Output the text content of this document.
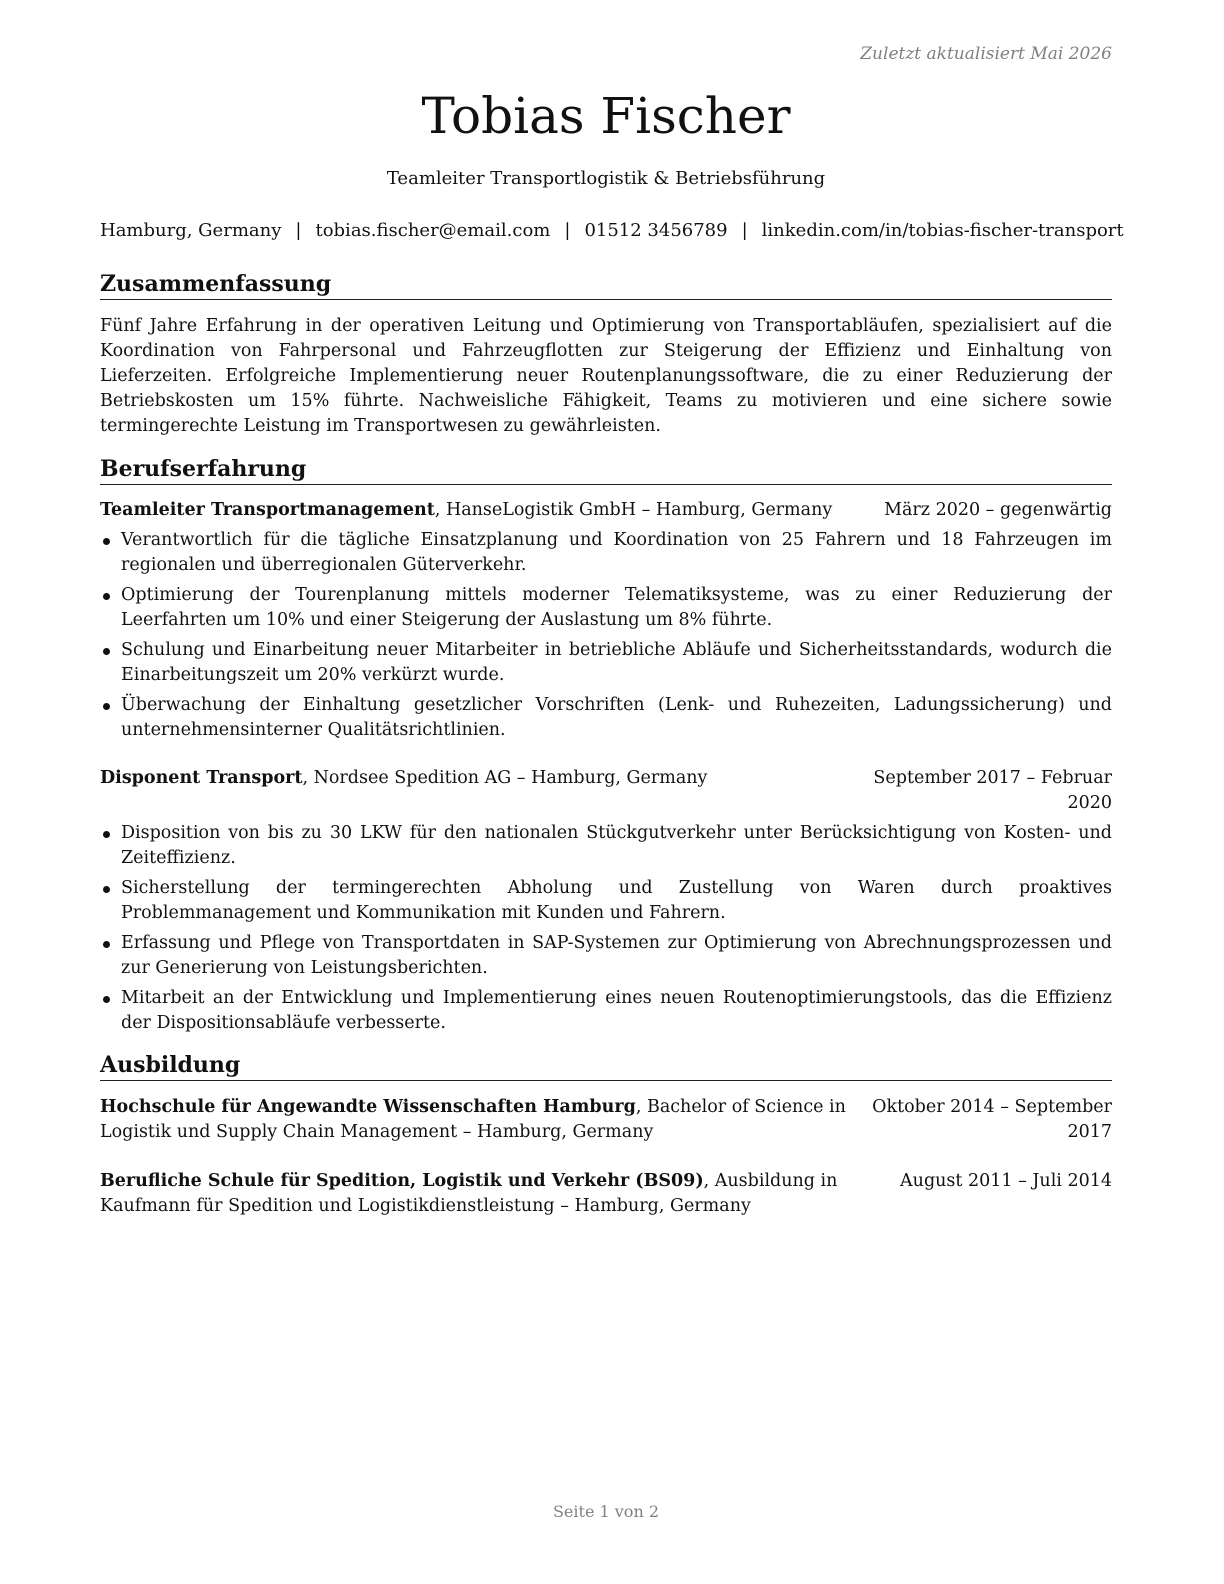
Zuletzt aktualisiert Mai 2026
Tobias Fischer
Teamleiter Transportlogistik & Betriebsführung
Hamburg, Germany | tobias.fischer@email.com | 01512 3456789 | linkedin.com/in/tobias-fischer-transport
Zusammenfassung
Fünf Jahre Erfahrung in der operativen Leitung und Optimierung von Transportabläufen, spezialisiert auf die Koordination von Fahrpersonal und Fahrzeugflotten zur Steigerung der Effizienz und Einhaltung von Lieferzeiten. Erfolgreiche Implementierung neuer Routenplanungssoftware, die zu einer Reduzierung der Betriebskosten um 15% führte. Nachweisliche Fähigkeit, Teams zu motivieren und eine sichere sowie termingerechte Leistung im Transportwesen zu gewährleisten.
Berufserfahrung
Teamleiter Transportmanagement, HanseLogistik GmbH – Hamburg, Germany	März 2020 – gegenwärtig
Verantwortlich für die tägliche Einsatzplanung und Koordination von 25 Fahrern und 18 Fahrzeugen im regionalen und überregionalen Güterverkehr.
Optimierung der Tourenplanung mittels moderner Telematiksysteme, was zu einer Reduzierung der Leerfahrten um 10% und einer Steigerung der Auslastung um 8% führte.
Schulung und Einarbeitung neuer Mitarbeiter in betriebliche Abläufe und Sicherheitsstandards, wodurch die Einarbeitungszeit um 20% verkürzt wurde.
Überwachung der Einhaltung gesetzlicher Vorschriften (Lenk- und Ruhezeiten, Ladungssicherung) und unternehmensinterner Qualitätsrichtlinien.
Disponent Transport, Nordsee Spedition AG – Hamburg, Germany	September 2017 – Februar 2020
Disposition von bis zu 30 LKW für den nationalen Stückgutverkehr unter Berücksichtigung von Kosten- und Zeiteffizienz.
Sicherstellung der termingerechten Abholung und Zustellung von Waren durch proaktives Problemmanagement und Kommunikation mit Kunden und Fahrern.
Erfassung und Pflege von Transportdaten in SAP-Systemen zur Optimierung von Abrechnungsprozessen und zur Generierung von Leistungsberichten.
Mitarbeit an der Entwicklung und Implementierung eines neuen Routenoptimierungstools, das die Effizienz der Dispositionsabläufe verbesserte.
Ausbildung
Hochschule für Angewandte Wissenschaften Hamburg, Bachelor of Science in Logistik und Supply Chain Management – Hamburg, Germany
Oktober 2014 – September 2017
Berufliche Schule für Spedition, Logistik und Verkehr (BS09), Ausbildung in Kaufmann für Spedition und Logistikdienstleistung – Hamburg, Germany
August 2011 – Juli 2014
Seite 1 von 2
